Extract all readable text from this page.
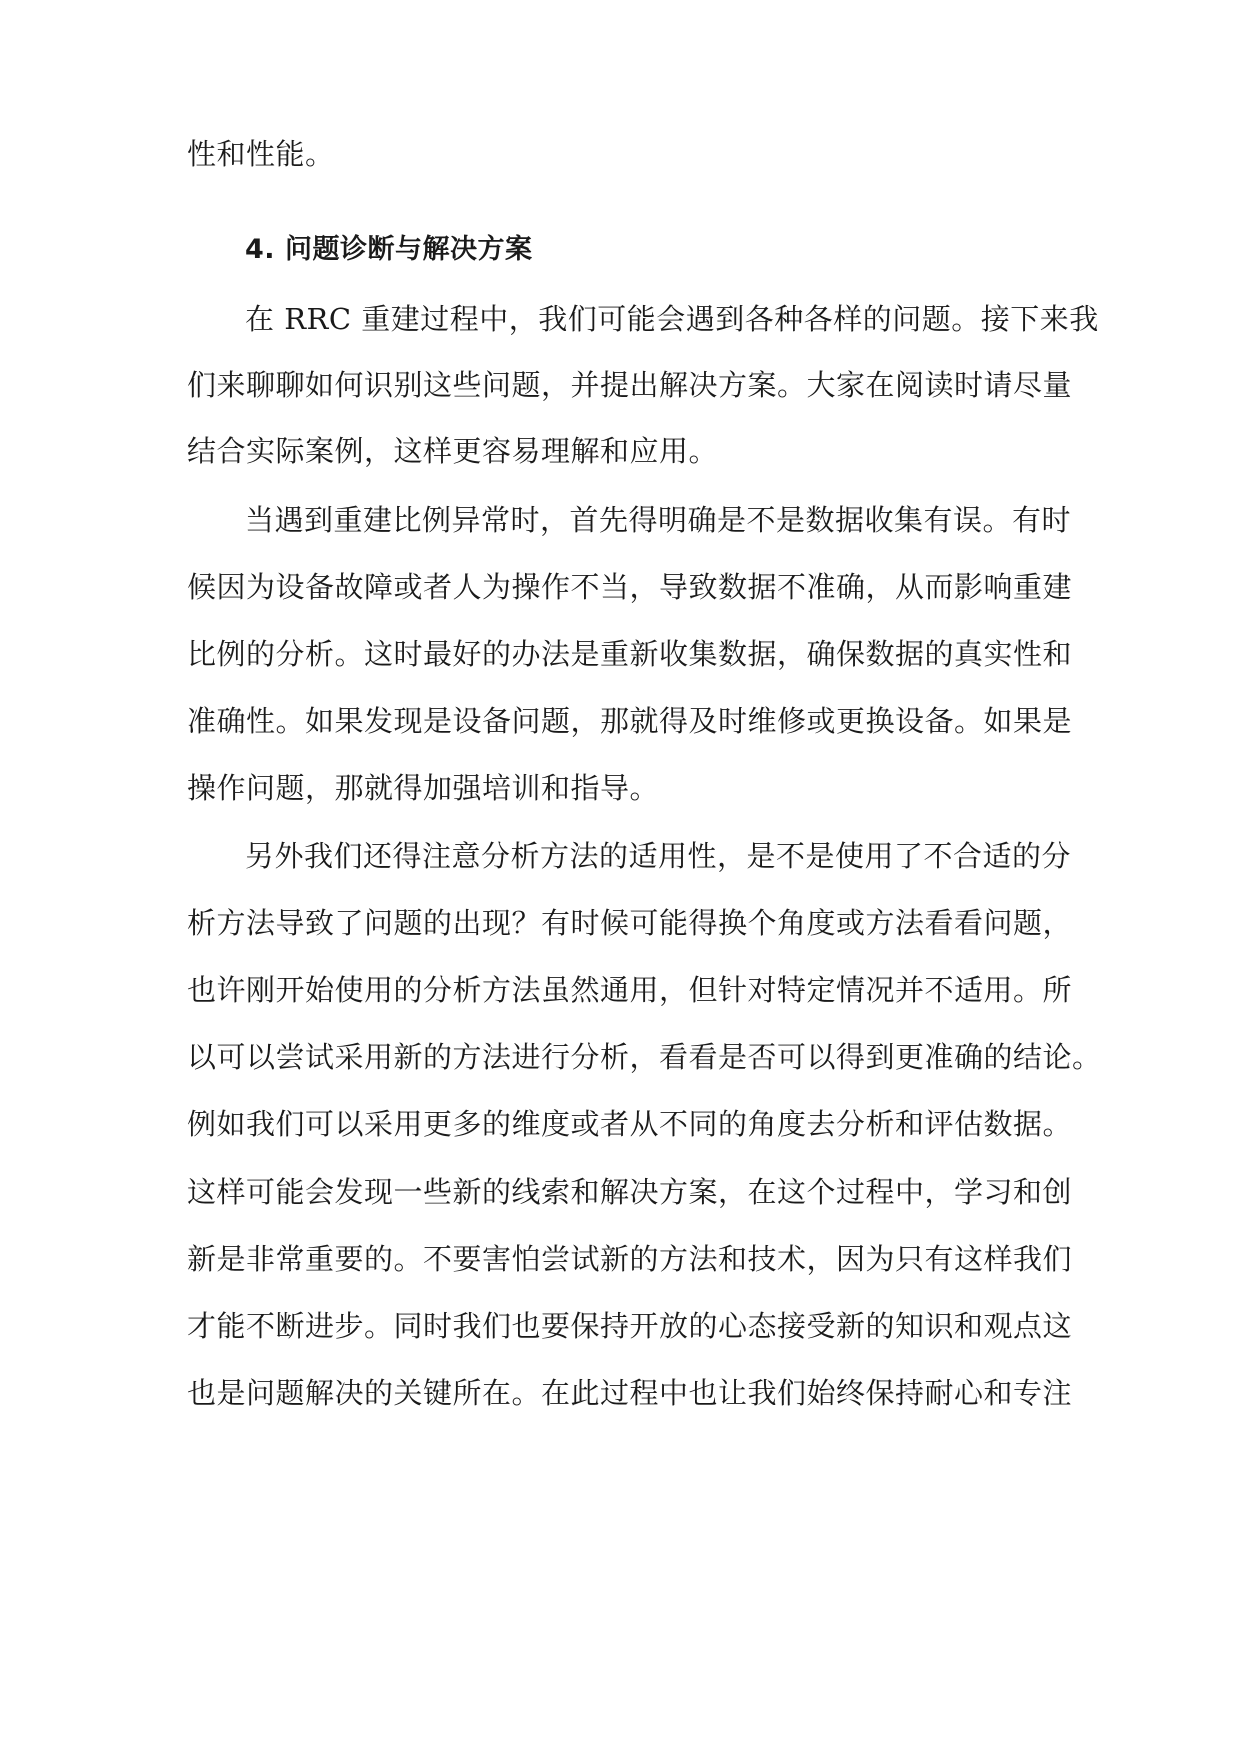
性和性能。
4. 问题诊断与解决方案
在 RRC 重建过程中，我们可能会遇到各种各样的问题。接下来我
们来聊聊如何识别这些问题，并提出解决方案。大家在阅读时请尽量
结合实际案例，这样更容易理解和应用。
当遇到重建比例异常时，首先得明确是不是数据收集有误。有时
候因为设备故障或者人为操作不当，导致数据不准确，从而影响重建
比例的分析。这时最好的办法是重新收集数据，确保数据的真实性和
准确性。如果发现是设备问题，那就得及时维修或更换设备。如果是
操作问题，那就得加强培训和指导。
另外我们还得注意分析方法的适用性，是不是使用了不合适的分
析方法导致了问题的出现？有时候可能得换个角度或方法看看问题，
也许刚开始使用的分析方法虽然通用，但针对特定情况并不适用。所
以可以尝试采用新的方法进行分析，看看是否可以得到更准确的结论。
例如我们可以采用更多的维度或者从不同的角度去分析和评估数据。
这样可能会发现一些新的线索和解决方案，在这个过程中，学习和创
新是非常重要的。不要害怕尝试新的方法和技术，因为只有这样我们
才能不断进步。同时我们也要保持开放的心态接受新的知识和观点这
也是问题解决的关键所在。在此过程中也让我们始终保持耐心和专注
